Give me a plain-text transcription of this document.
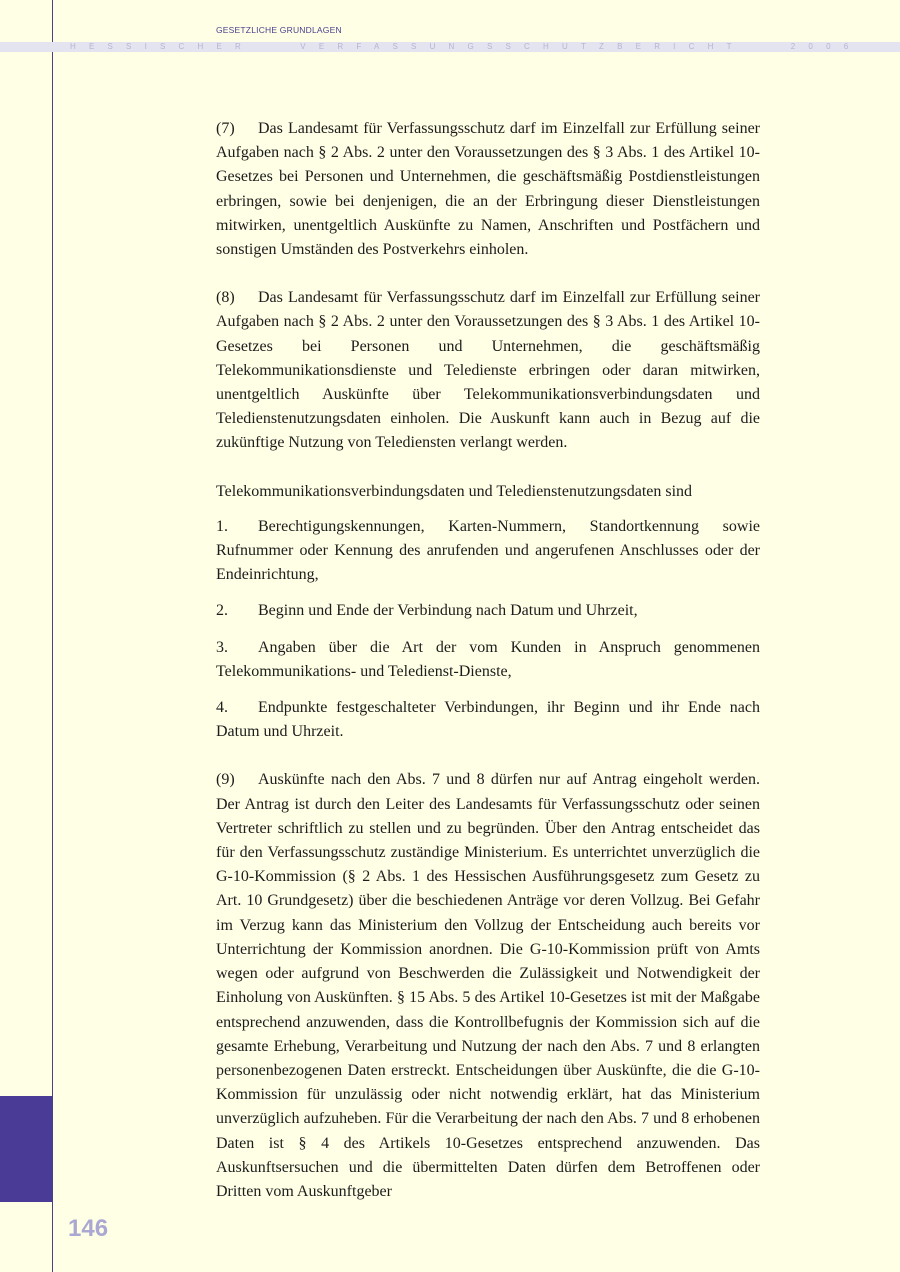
GESETZLICHE GRUNDLAGEN
HESSISCHER   VERFASSUNGSSCHUTZBERICHT   2006
146

(7) Das Landesamt für Verfassungsschutz darf im Einzelfall zur Erfüllung seiner Aufgaben nach § 2 Abs. 2 unter den Voraussetzungen des § 3 Abs. 1 des Artikel 10-Gesetzes bei Personen und Unternehmen, die geschäftsmäßig Postdienstleistungen erbringen, sowie bei denjenigen, die an der Erbringung dieser Dienstleistungen mitwirken, unentgeltlich Auskünfte zu Namen, Anschriften und Postfächern und sonstigen Umständen des Postverkehrs einholen.

(8) Das Landesamt für Verfassungsschutz darf im Einzelfall zur Erfüllung seiner Aufgaben nach § 2 Abs. 2 unter den Voraussetzungen des § 3 Abs. 1 des Artikel 10-Gesetzes bei Personen und Unternehmen, die geschäftsmäßig Telekommunikationsdienste und Teledienste erbringen oder daran mitwirken, unentgeltlich Auskünfte über Telekommunikationsverbindungsdaten und Teledienstenutzungsdaten einholen. Die Auskunft kann auch in Bezug auf die zukünftige Nutzung von Telediensten verlangt werden.

Telekommunikationsverbindungsdaten und Teledienstenutzungsdaten sind

1. Berechtigungskennungen, Karten-Nummern, Standortkennung sowie Rufnummer oder Kennung des anrufenden und angerufenen Anschlusses oder der Endeinrichtung,

2. Beginn und Ende der Verbindung nach Datum und Uhrzeit,

3. Angaben über die Art der vom Kunden in Anspruch genommenen Telekommunikations- und Teledienst-Dienste,

4. Endpunkte festgeschalteter Verbindungen, ihr Beginn und ihr Ende nach Datum und Uhrzeit.

(9) Auskünfte nach den Abs. 7 und 8 dürfen nur auf Antrag eingeholt werden. Der Antrag ist durch den Leiter des Landesamts für Verfassungsschutz oder seinen Vertreter schriftlich zu stellen und zu begründen. Über den Antrag entscheidet das für den Verfassungsschutz zuständige Ministerium. Es unterrichtet unverzüglich die G-10-Kommission (§ 2 Abs. 1 des Hessischen Ausführungsgesetz zum Gesetz zu Art. 10 Grundgesetz) über die beschiedenen Anträge vor deren Vollzug. Bei Gefahr im Verzug kann das Ministerium den Vollzug der Entscheidung auch bereits vor Unterrichtung der Kommission anordnen. Die G-10-Kommission prüft von Amts wegen oder aufgrund von Beschwerden die Zulässigkeit und Notwendigkeit der Einholung von Auskünften. § 15 Abs. 5 des Artikel 10-Gesetzes ist mit der Maßgabe entsprechend anzuwenden, dass die Kontrollbefugnis der Kommission sich auf die gesamte Erhebung, Verarbeitung und Nutzung der nach den Abs. 7 und 8 erlangten personenbezogenen Daten erstreckt. Entscheidungen über Auskünfte, die die G-10-Kommission für unzulässig oder nicht notwendig erklärt, hat das Ministerium unverzüglich aufzuheben. Für die Verarbeitung der nach den Abs. 7 und 8 erhobenen Daten ist § 4 des Artikels 10-Gesetzes entsprechend anzuwenden. Das Auskunftsersuchen und die übermittelten Daten dürfen dem Betroffenen oder Dritten vom Auskunftgeber
